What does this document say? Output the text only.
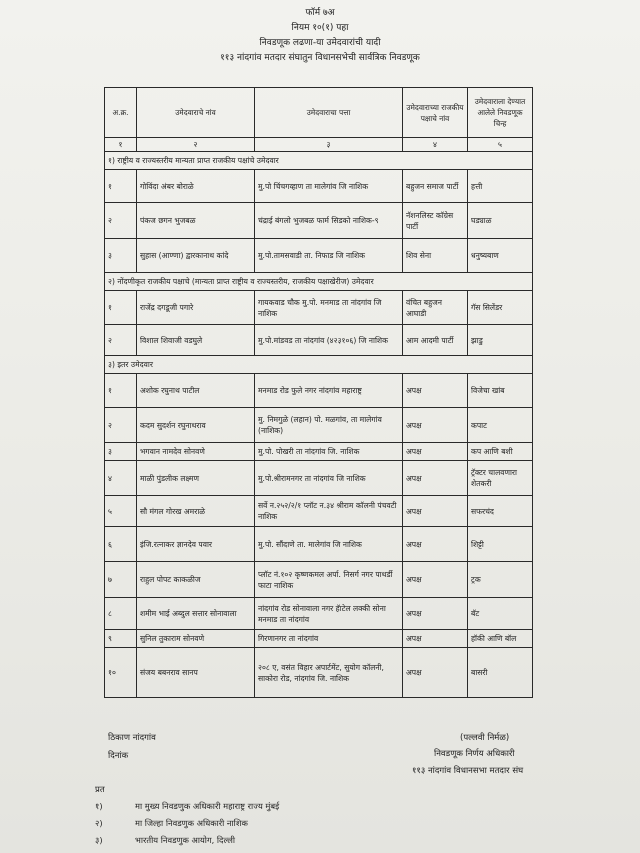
फॉर्म ७अ
नियम १०(१) पहा
निवडणूक लढणा-या उमेदवारांची यादी
११३ नांदगांव मतदार संघातुन विधानसभेची सार्वत्रिक निवडणूक
अ.क्र.	उमेदवाराचे नांव	उमेदवाराचा पत्ता	उमेदवाराच्या राजकीय पक्षाचे नांव	उमेदवाराला देण्यात आलेले निवडणूक चिन्ह
१	२	३	४	५
१) राष्ट्रीय व राज्यस्तरीय मान्यता प्राप्त राजकीय पक्षांचे उमेदवार				
१	गोविंदा अंबर बोराळे	मु.पो चिंचगव्हाण ता मालेगांव जि नाशिक	बहुजन समाज पार्टी	हत्ती
२	पंकज छगन भुजबळ	चंद्राई बंगलो भुजबळ फार्म सिडको नाशिक-९	नॅशनलिस्ट कॉग्रेस पार्टी	घड्याळ
३	सुहास (आण्णा) द्वारकानाथ कांदे	मु.पो.तामसवाडी ता. निफाड जि नाशिक	शिव सेना	धनुष्यबाण
२) नोंदणीकृत राजकीय पक्षाचे (मान्यता प्राप्त राष्ट्रीय व राज्यस्तरीय, राजकीय पक्षाखेरीज) उमेदवार				
१	राजेंद्र दगडूजी पगारे	गायकवाड चौक मु.पो. मनमाड ता नांदगांव जि नाशिक	वंचित बहुजन आघाडी	गॅस सिलेंडर
२	विशाल शिवाजी वडघुले	मु.पो.मांडवड ता नांदगांव (४२३१०६) जि नाशिक	आम आदमी पार्टी	झाडु
३) इतर उमेदवार				
१	अशोक रघुनाथ पाटील	मनमाड रोड फुले नगर नांदगांव महाराष्ट्र	अपक्ष	विजेचा खांब
२	कदम सुदर्शन रघुनाथराव	मु. निमगुळे (लहान) पो. मळगांव, ता मालेगांव (नाशिक)	अपक्ष	कपाट
३	भगवान नामदेव सोनवणे	मु.पो. पोखरी ता नांदगांव जि. नाशिक	अपक्ष	कप आणि बशी
४	माळी पुंडलीक लक्ष्मण	मु.पो.श्रीरामनगर ता नांदगांव जि नाशिक	अपक्ष	ट्रॅक्टर चालवणारा शेतकरी
५	सौ मंगल गोरख अमराळे	सर्वे न.२५२/२/१ प्लॉट न.३४ श्रीराम कॉलनी पंचवटी नाशिक	अपक्ष	सफरचंद
६	इंजि.रत्नाकर ज्ञानदेव पवार	मु.पो. सौंदाणे ता. मालेगांव जि नाशिक	अपक्ष	शिट्टी
७	राहुल पोपट काकळीज	प्लॉट नं.१०२ कृष्णकमल अर्पा. निसर्ग नगर पाथर्डी फाटा नाशिक	अपक्ष	ट्रक
८	शमीम भाई अब्दुल सत्तार सोनावाला	नांदगांव रोड सोनावाला नगर हॅाटेल लक्की सोना मनमाड ता नांदगांव	अपक्ष	बॅट
९	सुनिल तुकाराम सोनवणे	गिरणानगर ता नांदगांव	अपक्ष	हॉकी आणि बॉल
१०	संजय बबनराव सानप	२०८ ए, वसंत विहार अपार्टमेंट, सुयोग कॉलनी, साकोरा रोड, नांदगांव जि. नाशिक	अपक्ष	बासरी
ठिकाण नांदगांव
दिनांक
(पल्लवी निर्मळ)
निवडणूक निर्णय अधिकारी
११३ नांदगांव विधानसभा मतदार संघ
प्रत
१)	मा मुख्य निवडणुक अधिकारी महाराष्ट्र राज्य मुंबई
२)	मा जिल्हा निवडणुक अधिकारी नाशिक
३)	भारतीय निवडणुक आयोग, दिल्ली
